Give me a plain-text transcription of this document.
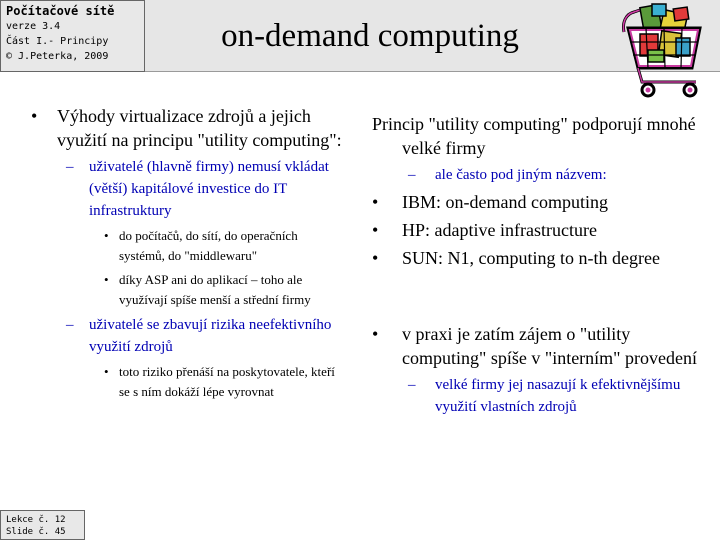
Počítačové sítě
verze 3.4
Část I.- Principy
© J.Peterka, 2009
on-demand computing
• Výhody virtualizace zdrojů a jejich využití na principu "utility computing":
– uživatelé (hlavně firmy) nemusí vkládat (větší) kapitálové investice do IT infrastruktury
• do počítačů, do sítí, do operačních systémů, do "middlewaru"
• díky ASP ani do aplikací – toho ale využívají spíše menší a střední firmy
– uživatelé se zbavují rizika neefektivního využití zdrojů
• toto riziko přenáší na poskytovatele, kteří se s ním dokáží lépe vyrovnat
Princip "utility computing" podporují mnohé velké firmy
– ale často pod jiným názvem:
• IBM: on-demand computing
• HP: adaptive infrastructure
• SUN: N1, computing to n-th degree
• v praxi je zatím zájem o "utility computing" spíše v "interním" provedení
– velké firmy jej nasazují k efektivnějšímu využití vlastních zdrojů
Lekce č. 12
Slide č. 45
